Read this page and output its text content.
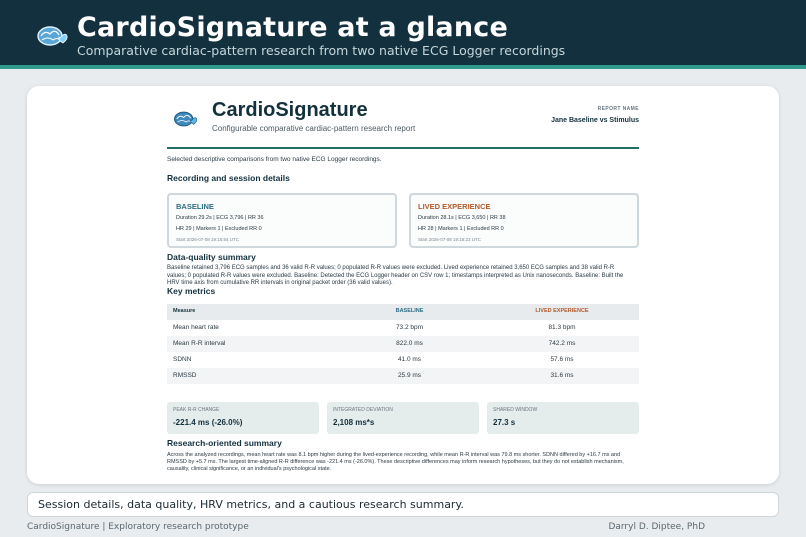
CardioSignature at a glance
Comparative cardiac-pattern research from two native ECG Logger recordings
CardioSignature
Configurable comparative cardiac-pattern research report
REPORT NAME
Jane Baseline vs Stimulus
Selected descriptive comparisons from two native ECG Logger recordings.
Recording and session details
BASELINE
Duration 29.2s | ECG 3,796 | RR 36
HR 29 | Markers 1 | Excluded RR 0
Start 2026-07-08 19:15:54 UTC
LIVED EXPERIENCE
Duration 28.1s | ECG 3,650 | RR 38
HR 28 | Markers 1 | Excluded RR 0
Start 2026-07-08 19:16:23 UTC
Data-quality summary
Baseline retained 3,796 ECG samples and 36 valid R-R values; 0 populated R-R values were excluded. Lived experience retained 3,650 ECG samples and 38 valid R-R values; 0 populated R-R values were excluded. Baseline: Detected the ECG Logger header on CSV row 1; timestamps interpreted as Unix nanoseconds. Baseline: Built the HRV time axis from cumulative RR intervals in original packet order (36 valid values).
Key metrics
Measure	BASELINE	LIVED EXPERIENCE
Mean heart rate	73.2 bpm	81.3 bpm
Mean R-R interval	822.0 ms	742.2 ms
SDNN	41.0 ms	57.6 ms
RMSSD	25.9 ms	31.6 ms
PEAK R-R CHANGE
-221.4 ms (-26.0%)
INTEGRATED DEVIATION
2,108 ms*s
SHARED WINDOW
27.3 s
Research-oriented summary
Across the analyzed recordings, mean heart rate was 8.1 bpm higher during the lived-experience recording, while mean R-R interval was 79.8 ms shorter. SDNN differed by +16.7 ms and RMSSD by +5.7 ms. The largest time-aligned R-R difference was -221.4 ms (-26.0%). These descriptive differences may inform research hypotheses, but they do not establish mechanism, causality, clinical significance, or an individual's psychological state.
Session details, data quality, HRV metrics, and a cautious research summary.
CardioSignature | Exploratory research prototype	Darryl D. Diptee, PhD
